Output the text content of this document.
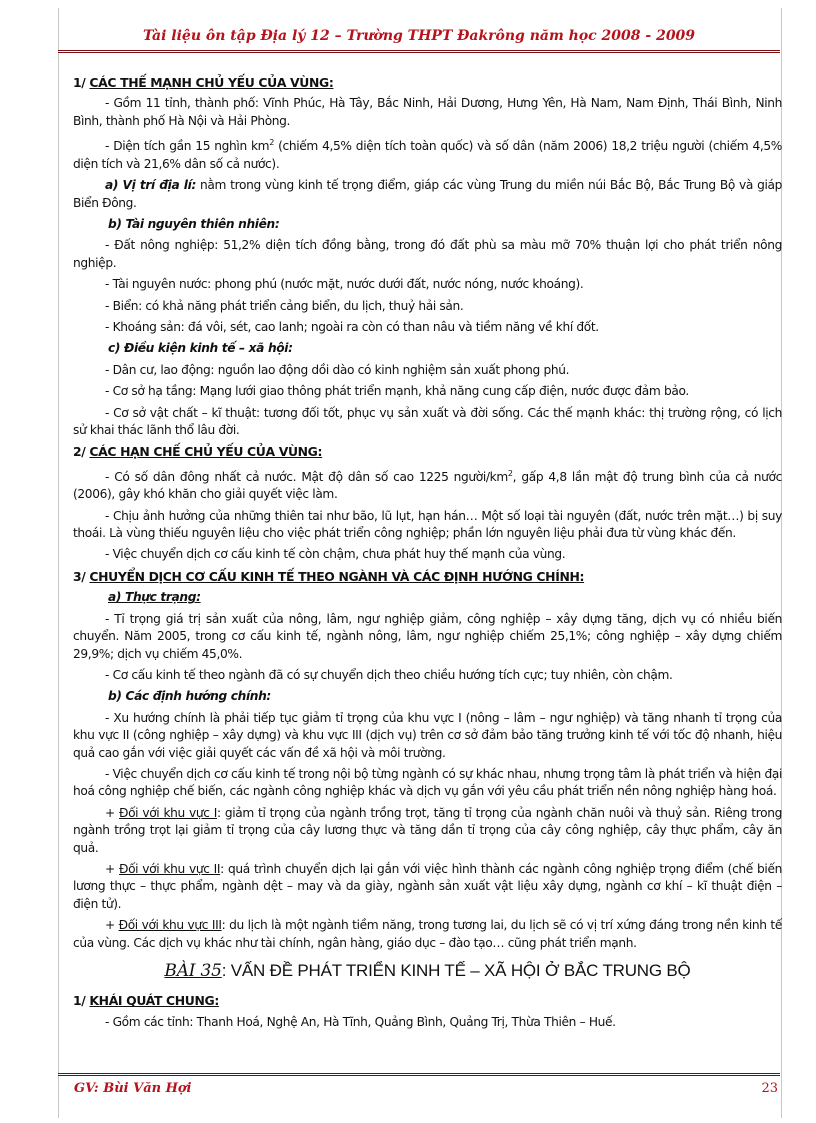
Tài liệu ôn tập Địa lý 12 – Trường THPT Đakrông năm học 2008 - 2009
1/ CÁC THẾ MẠNH CHỦ YẾU CỦA VÙNG:
- Gồm 11 tỉnh, thành phố: Vĩnh Phúc, Hà Tây, Bắc Ninh, Hải Dương, Hưng Yên, Hà Nam, Nam Định, Thái Bình, Ninh Bình, thành phố Hà Nội và Hải Phòng.
- Diện tích gần 15 nghìn $km^2$ (chiếm 4,5% diện tích toàn quốc) và số dân (năm 2006) 18,2 triệu người (chiếm 4,5% diện tích và 21,6% dân số cả nước).
a) Vị trí địa lí: nằm trong vùng kinh tế trọng điểm, giáp các vùng Trung du miền núi Bắc Bộ, Bắc Trung Bộ và giáp Biển Đông.
b) Tài nguyên thiên nhiên:
- Đất nông nghiệp: 51,2% diện tích đồng bằng, trong đó đất phù sa màu mỡ 70% thuận lợi cho phát triển nông nghiệp.
- Tài nguyên nước: phong phú (nước mặt, nước dưới đất, nước nóng, nước khoáng).
- Biển: có khả năng phát triển cảng biển, du lịch, thuỷ hải sản.
- Khoáng sản: đá vôi, sét, cao lanh; ngoài ra còn có than nâu và tiềm năng về khí đốt.
c) Điều kiện kinh tế – xã hội:
- Dân cư, lao động: nguồn lao động dồi dào có kinh nghiệm sản xuất phong phú.
- Cơ sở hạ tầng: Mạng lưới giao thông phát triển mạnh, khả năng cung cấp điện, nước được đảm bảo.
- Cơ sở vật chất – kĩ thuật: tương đối tốt, phục vụ sản xuất và đời sống. Các thế mạnh khác: thị trường rộng, có lịch sử khai thác lãnh thổ lâu đời.
2/ CÁC HẠN CHẾ CHỦ YẾU CỦA VÙNG:
- Có số dân đông nhất cả nước. Mật độ dân số cao 1225 người/$km^2$, gấp 4,8 lần mật độ trung bình của cả nước (2006), gây khó khăn cho giải quyết việc làm.
- Chịu ảnh hưởng của những thiên tai như bão, lũ lụt, hạn hán… Một số loại tài nguyên (đất, nước trên mặt…) bị suy thoái. Là vùng thiếu nguyên liệu cho việc phát triển công nghiệp; phần lớn nguyên liệu phải đưa từ vùng khác đến.
- Việc chuyển dịch cơ cấu kinh tế còn chậm, chưa phát huy thế mạnh của vùng.
3/ CHUYỂN DỊCH CƠ CẤU KINH TẾ THEO NGÀNH VÀ CÁC ĐỊNH HƯỚNG CHÍNH:
a) Thực trạng:
- Tỉ trọng giá trị sản xuất của nông, lâm, ngư nghiệp giảm, công nghiệp – xây dựng tăng, dịch vụ có nhiều biến chuyển. Năm 2005, trong cơ cấu kinh tế, ngành nông, lâm, ngư nghiệp chiếm 25,1%; công nghiệp – xây dựng chiếm 29,9%; dịch vụ chiếm 45,0%.
- Cơ cấu kinh tế theo ngành đã có sự chuyển dịch theo chiều hướng tích cực; tuy nhiên, còn chậm.
b) Các định hướng chính:
- Xu hướng chính là phải tiếp tục giảm tỉ trọng của khu vực I (nông – lâm – ngư nghiệp) và tăng nhanh tỉ trọng của khu vực II (công nghiệp – xây dựng) và khu vực III (dịch vụ) trên cơ sở đảm bảo tăng trưởng kinh tế với tốc độ nhanh, hiệu quả cao gắn với việc giải quyết các vấn đề xã hội và môi trường.
- Việc chuyển dịch cơ cấu kinh tế trong nội bộ từng ngành có sự khác nhau, nhưng trọng tâm là phát triển và hiện đại hoá công nghiệp chế biến, các ngành công nghiệp khác và dịch vụ gắn với yêu cầu phát triển nền nông nghiệp hàng hoá.
+ Đối với khu vực I: giảm tỉ trọng của ngành trồng trọt, tăng tỉ trọng của ngành chăn nuôi và thuỷ sản. Riêng trong ngành trồng trọt lại giảm tỉ trọng của cây lương thực và tăng dần tỉ trọng của cây công nghiệp, cây thực phẩm, cây ăn quả.
+ Đối với khu vực II: quá trình chuyển dịch lại gắn với việc hình thành các ngành công nghiệp trọng điểm (chế biến lương thực – thực phẩm, ngành dệt – may và da giày, ngành sản xuất vật liệu xây dựng, ngành cơ khí – kĩ thuật điện – điện tử).
+ Đối với khu vực III: du lịch là một ngành tiềm năng, trong tương lai, du lịch sẽ có vị trí xứng đáng trong nền kinh tế của vùng. Các dịch vụ khác như tài chính, ngân hàng, giáo dục – đào tạo… cũng phát triển mạnh.
BÀI 35: VẤN ĐỀ PHÁT TRIỂN KINH TẾ – XÃ HỘI Ở BẮC TRUNG BỘ
1/ KHÁI QUÁT CHUNG:
- Gồm các tỉnh: Thanh Hoá, Nghệ An, Hà Tĩnh, Quảng Bình, Quảng Trị, Thừa Thiên – Huế.
GV: Bùi Văn Hợi	23
